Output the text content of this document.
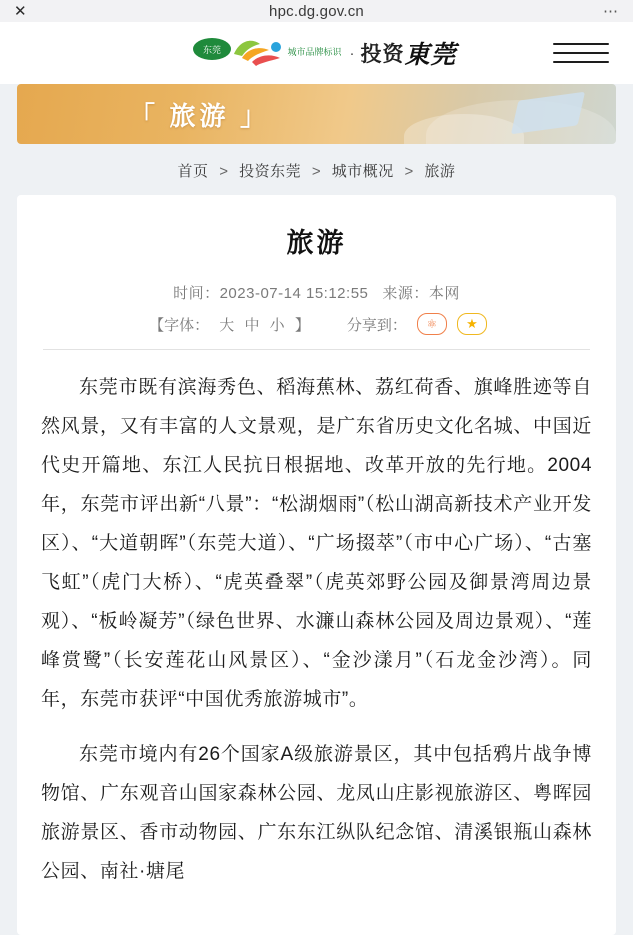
✕	hpc.dg.gov.cn	⋯
东莞	城市品牌标识 · 投资 東莞
「 旅游 」
首页 > 投资东莞 > 城市概况 > 旅游
旅游
时间：2023-07-14 15:12:55 来源：本网
【字体： 大 中 小 】 分享到：	⚛	★

东莞市既有滨海秀色、稻海蕉林、荔红荷香、旗峰胜迹等自然风景，又有丰富的人文景观，是广东省历史文化名城、中国近代史开篇地、东江人民抗日根据地、改革开放的先行地。2004年，东莞市评出新“八景”：“松湖烟雨”（松山湖高新技术产业开发区）、“大道朝晖”（东莞大道）、“广场掇萃”（市中心广场）、“古塞飞虹”（虎门大桥）、“虎英叠翠”（虎英郊野公园及御景湾周边景观）、“板岭凝芳”（绿色世界、水濂山森林公园及周边景观）、“莲峰赏鹭”（长安莲花山风景区）、“金沙漾月”（石龙金沙湾）。同年，东莞市获评“中国优秀旅游城市”。

东莞市境内有26个国家A级旅游景区，其中包括鸦片战争博物馆、广东观音山国家森林公园、龙凤山庄影视旅游区、粤晖园旅游景区、香市动物园、广东东江纵队纪念馆、清溪银瓶山森林公园、南社·塘尾
